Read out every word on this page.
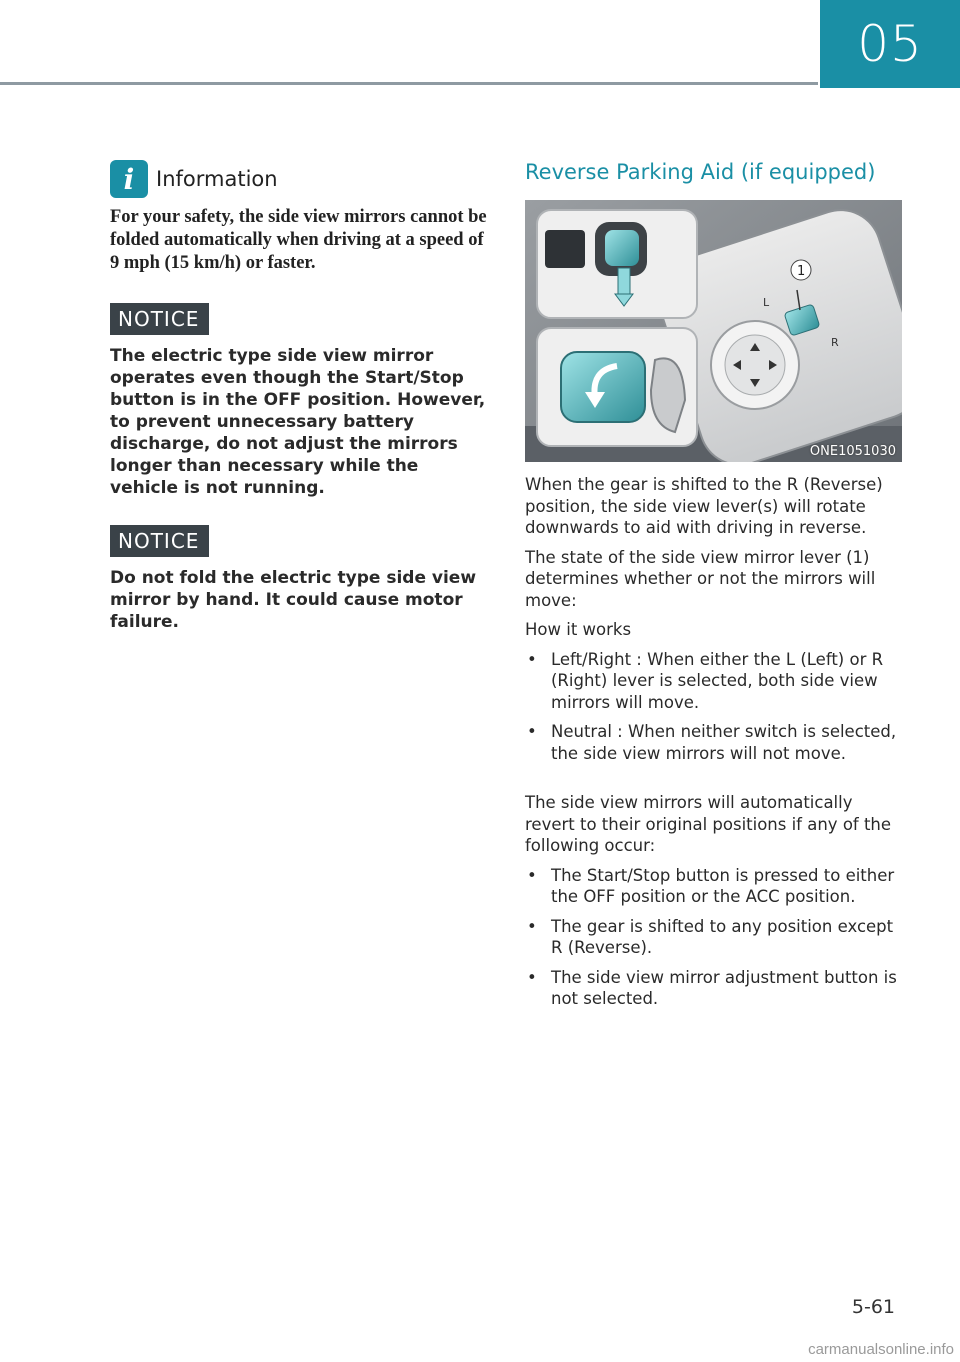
05
i	Information

For your safety, the side view mirrors cannot be folded automatically when driving at a speed of 9 mph (15 km/h) or faster.

NOTICE

The electric type side view mirror operates even though the Start/Stop button is in the OFF position. However, to prevent unnecessary battery discharge, do not adjust the mirrors longer than necessary while the vehicle is not running.

NOTICE

Do not fold the electric type side view mirror by hand. It could cause motor failure.

Reverse Parking Aid (if equipped)
L
R
1
ONE1051030

When the gear is shifted to the R (Reverse) position, the side view lever(s) will rotate downwards to aid with driving in reverse.

The state of the side view mirror lever (1) determines whether or not the mirrors will move:

How it works

• Left/Right : When either the L (Left) or R (Right) lever is selected, both side view mirrors will move.
• Neutral : When neither switch is selected, the side view mirrors will not move.

The side view mirrors will automatically revert to their original positions if any of the following occur:

• The Start/Stop button is pressed to either the OFF position or the ACC position.
• The gear is shifted to any position except R (Reverse).
• The side view mirror adjustment button is not selected.
5-61
carmanualsonline.info
